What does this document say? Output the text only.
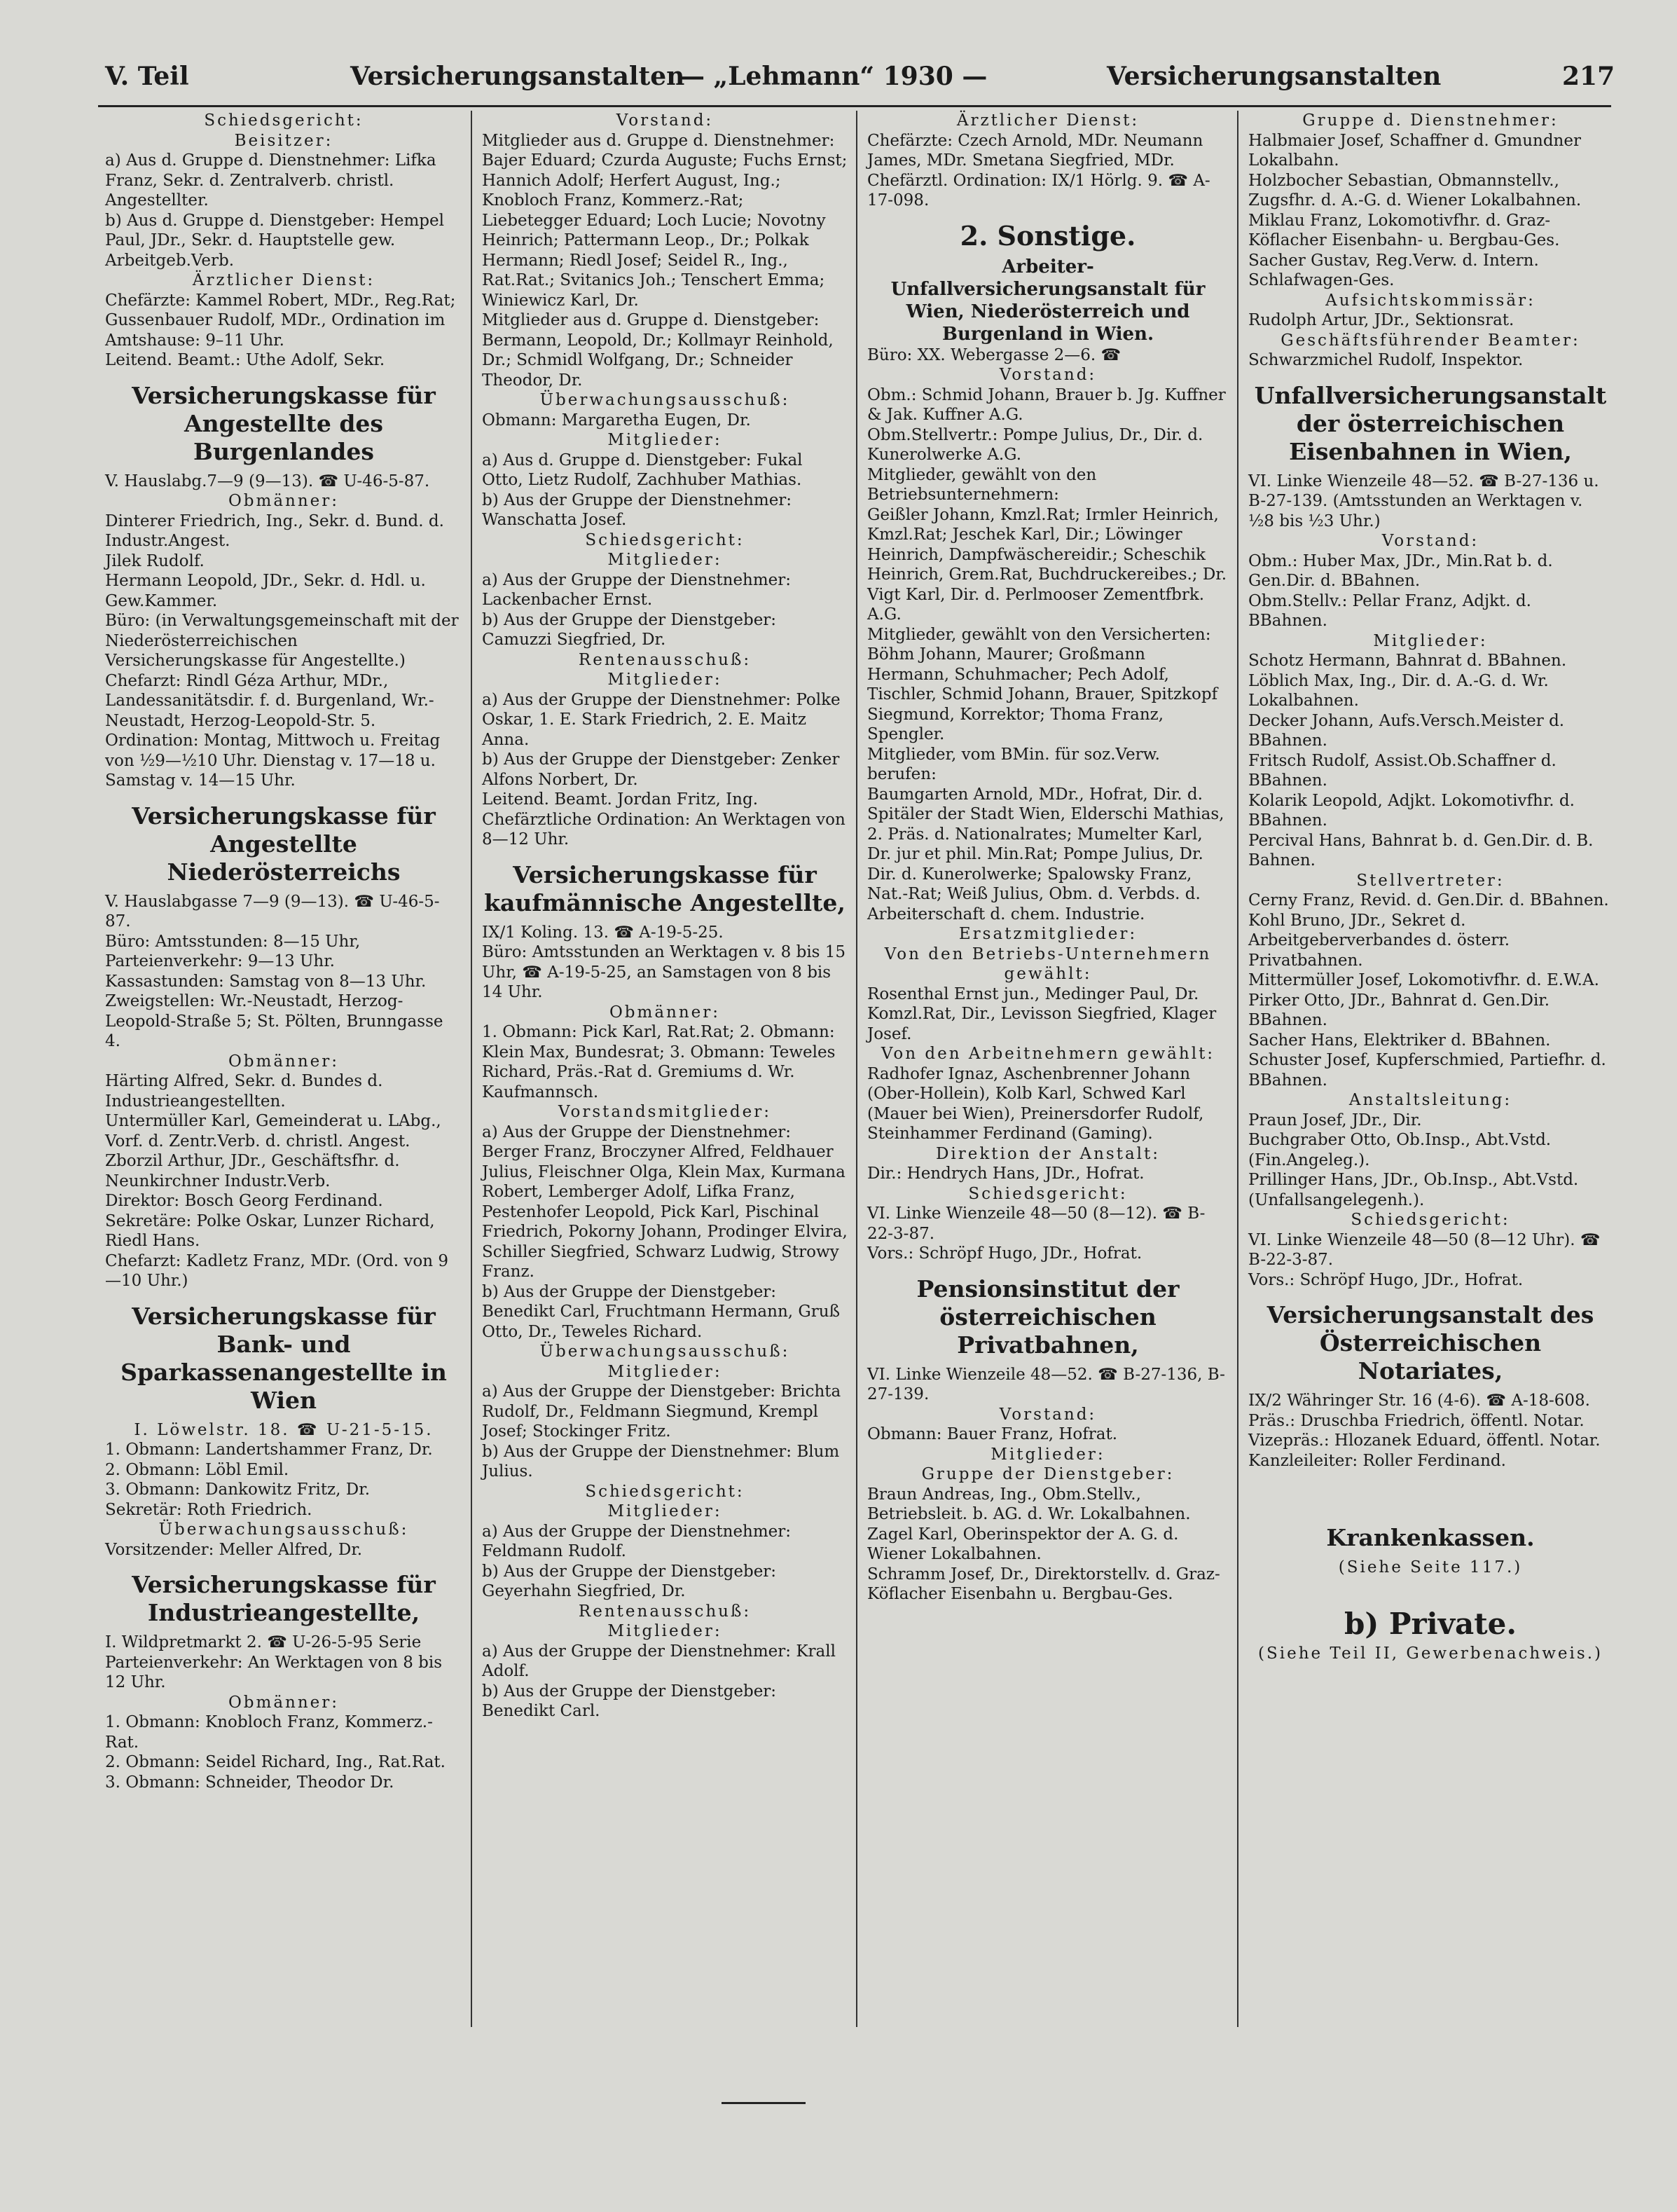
V. Teil	Versicherungsanstalten
— „Lehmann“ 1930 —	Versicherungsanstalten	217

Schiedsgericht:

Beisitzer:

a) Aus d. Gruppe d. Dienstnehmer: Lifka Franz, Sekr. d. Zentralverb. christl. Angestellter.

b) Aus d. Gruppe d. Dienstgeber: Hempel Paul, JDr., Sekr. d. Hauptstelle gew. Arbeitgeb.Verb.

Ärztlicher Dienst:

Chefärzte: Kammel Robert, MDr., Reg.Rat; Gussenbauer Rudolf, MDr., Ordination im Amtshause: 9–11 Uhr.

Leitend. Beamt.: Uthe Adolf, Sekr.

Versicherungskasse für Angestellte des Burgenlandes

V. Hauslabg.7—9 (9—13). ☎ U-46-5-87.

Obmänner:

Dinterer Friedrich, Ing., Sekr. d. Bund. d. Industr.Angest.

Jilek Rudolf.

Hermann Leopold, JDr., Sekr. d. Hdl. u. Gew.Kammer.

Büro: (in Verwaltungsgemeinschaft mit der Niederösterreichischen Versicherungskasse für Angestellte.)

Chefarzt: Rindl Géza Arthur, MDr., Landessanitätsdir. f. d. Burgenland, Wr.-Neustadt, Herzog-Leopold-Str. 5.

Ordination: Montag, Mittwoch u. Freitag von ½9—½10 Uhr. Dienstag v. 17—18 u. Samstag v. 14—15 Uhr.

Versicherungskasse für Angestellte Niederösterreichs

V. Hauslabgasse 7—9 (9—13). ☎ U-46-5-87.

Büro: Amtsstunden: 8—15 Uhr, Parteienverkehr: 9—13 Uhr.

Kassastunden: Samstag von 8—13 Uhr.

Zweigstellen: Wr.-Neustadt, Herzog-Leopold-Straße 5; St. Pölten, Brunngasse 4.

Obmänner:

Härting Alfred, Sekr. d. Bundes d. Industrieangestellten.

Untermüller Karl, Gemeinderat u. LAbg., Vorf. d. Zentr.Verb. d. christl. Angest.

Zborzil Arthur, JDr., Geschäftsfhr. d. Neunkirchner Industr.Verb.

Direktor: Bosch Georg Ferdinand.

Sekretäre: Polke Oskar, Lunzer Richard, Riedl Hans.

Chefarzt: Kadletz Franz, MDr. (Ord. von 9—10 Uhr.)

Versicherungskasse für Bank- und Sparkassenangestellte in Wien

I. Löwelstr. 18. ☎ U-21-5-15.

1. Obmann: Landertshammer Franz, Dr.

2. Obmann: Löbl Emil.

3. Obmann: Dankowitz Fritz, Dr.

Sekretär: Roth Friedrich.

Überwachungsausschuß:

Vorsitzender: Meller Alfred, Dr.

Versicherungskasse für Industrieangestellte,

I. Wildpretmarkt 2. ☎ U-26-5-95 Serie

Parteienverkehr: An Werktagen von 8 bis 12 Uhr.

Obmänner:

1. Obmann: Knobloch Franz, Kommerz.-Rat.

2. Obmann: Seidel Richard, Ing., Rat.Rat.

3. Obmann: Schneider, Theodor Dr.

Vorstand:

Mitglieder aus d. Gruppe d. Dienstnehmer: Bajer Eduard; Czurda Auguste; Fuchs Ernst; Hannich Adolf; Herfert August, Ing.; Knobloch Franz, Kommerz.-Rat; Liebetegger Eduard; Loch Lucie; Novotny Heinrich; Pattermann Leop., Dr.; Polkak Hermann; Riedl Josef; Seidel R., Ing., Rat.Rat.; Svitanics Joh.; Tenschert Emma; Winiewicz Karl, Dr.

Mitglieder aus d. Gruppe d. Dienstgeber: Bermann, Leopold, Dr.; Kollmayr Reinhold, Dr.; Schmidl Wolfgang, Dr.; Schneider Theodor, Dr.

Überwachungsausschuß:

Obmann: Margaretha Eugen, Dr.

Mitglieder:

a) Aus d. Gruppe d. Dienstgeber: Fukal Otto, Lietz Rudolf, Zachhuber Mathias.

b) Aus der Gruppe der Dienstnehmer: Wanschatta Josef.

Schiedsgericht:

Mitglieder:

a) Aus der Gruppe der Dienstnehmer: Lackenbacher Ernst.

b) Aus der Gruppe der Dienstgeber: Camuzzi Siegfried, Dr.

Rentenausschuß:

Mitglieder:

a) Aus der Gruppe der Dienstnehmer: Polke Oskar, 1. E. Stark Friedrich, 2. E. Maitz Anna.

b) Aus der Gruppe der Dienstgeber: Zenker Alfons Norbert, Dr.

Leitend. Beamt. Jordan Fritz, Ing.

Chefärztliche Ordination: An Werktagen von 8—12 Uhr.

Versicherungskasse für kaufmännische Angestellte,

IX/1 Koling. 13. ☎ A-19-5-25.

Büro: Amtsstunden an Werktagen v. 8 bis 15 Uhr, ☎ A-19-5-25, an Samstagen von 8 bis 14 Uhr.

Obmänner:

1. Obmann: Pick Karl, Rat.Rat; 2. Obmann: Klein Max, Bundesrat; 3. Obmann: Teweles Richard, Präs.-Rat d. Gremiums d. Wr. Kaufmannsch.

Vorstandsmitglieder:

a) Aus der Gruppe der Dienstnehmer: Berger Franz, Broczyner Alfred, Feldhauer Julius, Fleischner Olga, Klein Max, Kurmana Robert, Lemberger Adolf, Lifka Franz, Pestenhofer Leopold, Pick Karl, Pischinal Friedrich, Pokorny Johann, Prodinger Elvira, Schiller Siegfried, Schwarz Ludwig, Strowy Franz.

b) Aus der Gruppe der Dienstgeber: Benedikt Carl, Fruchtmann Hermann, Gruß Otto, Dr., Teweles Richard.

Überwachungsausschuß:

Mitglieder:

a) Aus der Gruppe der Dienstgeber: Brichta Rudolf, Dr., Feldmann Siegmund, Krempl Josef; Stockinger Fritz.

b) Aus der Gruppe der Dienstnehmer: Blum Julius.

Schiedsgericht:

Mitglieder:

a) Aus der Gruppe der Dienstnehmer: Feldmann Rudolf.

b) Aus der Gruppe der Dienstgeber: Geyerhahn Siegfried, Dr.

Rentenausschuß:

Mitglieder:

a) Aus der Gruppe der Dienstnehmer: Krall Adolf.

b) Aus der Gruppe der Dienstgeber: Benedikt Carl.

Ärztlicher Dienst:

Chefärzte: Czech Arnold, MDr. Neumann James, MDr. Smetana Siegfried, MDr.

Chefärztl. Ordination: IX/1 Hörlg. 9. ☎ A-17-098.

2. Sonstige.

Arbeiter-Unfallversicherungsanstalt für Wien, Niederösterreich und Burgenland in Wien.

Büro: XX. Webergasse 2—6. ☎

Vorstand:

Obm.: Schmid Johann, Brauer b. Jg. Kuffner & Jak. Kuffner A.G.

Obm.Stellvertr.: Pompe Julius, Dr., Dir. d. Kunerolwerke A.G.

Mitglieder, gewählt von den Betriebsunternehmern:

Geißler Johann, Kmzl.Rat; Irmler Heinrich, Kmzl.Rat; Jeschek Karl, Dir.; Löwinger Heinrich, Dampfwäschereidir.; Scheschik Heinrich, Grem.Rat, Buchdruckereibes.; Dr. Vigt Karl, Dir. d. Perlmooser Zementfbrk. A.G.

Mitglieder, gewählt von den Versicherten:

Böhm Johann, Maurer; Großmann Hermann, Schuhmacher; Pech Adolf, Tischler, Schmid Johann, Brauer, Spitzkopf Siegmund, Korrektor; Thoma Franz, Spengler.

Mitglieder, vom BMin. für soz.Verw. berufen:

Baumgarten Arnold, MDr., Hofrat, Dir. d. Spitäler der Stadt Wien, Elderschi Mathias, 2. Präs. d. Nationalrates; Mumelter Karl, Dr. jur et phil. Min.Rat; Pompe Julius, Dr. Dir. d. Kunerolwerke; Spalowsky Franz, Nat.-Rat; Weiß Julius, Obm. d. Verbds. d. Arbeiterschaft d. chem. Industrie.

Ersatzmitglieder:

Von den Betriebs-Unternehmern gewählt:

Rosenthal Ernst jun., Medinger Paul, Dr. Komzl.Rat, Dir., Levisson Siegfried, Klager Josef.

Von den Arbeitnehmern gewählt:

Radhofer Ignaz, Aschenbrenner Johann (Ober-Hollein), Kolb Karl, Schwed Karl (Mauer bei Wien), Preinersdorfer Rudolf, Steinhammer Ferdinand (Gaming).

Direktion der Anstalt:

Dir.: Hendrych Hans, JDr., Hofrat.

Schiedsgericht:

VI. Linke Wienzeile 48—50 (8—12). ☎ B-22-3-87.

Vors.: Schröpf Hugo, JDr., Hofrat.

Pensionsinstitut der österreichischen Privatbahnen,

VI. Linke Wienzeile 48—52. ☎ B-27-136, B-27-139.

Vorstand:

Obmann: Bauer Franz, Hofrat.

Mitglieder:

Gruppe der Dienstgeber:

Braun Andreas, Ing., Obm.Stellv., Betriebsleit. b. AG. d. Wr. Lokalbahnen.

Zagel Karl, Oberinspektor der A. G. d. Wiener Lokalbahnen.

Schramm Josef, Dr., Direktorstellv. d. Graz-Köflacher Eisenbahn u. Bergbau-Ges.

Gruppe d. Dienstnehmer:

Halbmaier Josef, Schaffner d. Gmundner Lokalbahn.

Holzbocher Sebastian, Obmannstellv., Zugsfhr. d. A.-G. d. Wiener Lokalbahnen.

Miklau Franz, Lokomotivfhr. d. Graz-Köflacher Eisenbahn- u. Bergbau-Ges.

Sacher Gustav, Reg.Verw. d. Intern. Schlafwagen-Ges.

Aufsichtskommissär:

Rudolph Artur, JDr., Sektionsrat.

Geschäftsführender Beamter:

Schwarzmichel Rudolf, Inspektor.

Unfallversicherungsanstalt der österreichischen Eisenbahnen in Wien,

VI. Linke Wienzeile 48—52. ☎ B-27-136 u. B-27-139. (Amtsstunden an Werktagen v. ½8 bis ½3 Uhr.)

Vorstand:

Obm.: Huber Max, JDr., Min.Rat b. d. Gen.Dir. d. BBahnen.

Obm.Stellv.: Pellar Franz, Adjkt. d. BBahnen.

Mitglieder:

Schotz Hermann, Bahnrat d. BBahnen.

Löblich Max, Ing., Dir. d. A.-G. d. Wr. Lokalbahnen.

Decker Johann, Aufs.Versch.Meister d. BBahnen.

Fritsch Rudolf, Assist.Ob.Schaffner d. BBahnen.

Kolarik Leopold, Adjkt. Lokomotivfhr. d. BBahnen.

Percival Hans, Bahnrat b. d. Gen.Dir. d. B. Bahnen.

Stellvertreter:

Cerny Franz, Revid. d. Gen.Dir. d. BBahnen.

Kohl Bruno, JDr., Sekret d. Arbeitgeberverbandes d. österr. Privatbahnen.

Mittermüller Josef, Lokomotivfhr. d. E.W.A.

Pirker Otto, JDr., Bahnrat d. Gen.Dir. BBahnen.

Sacher Hans, Elektriker d. BBahnen.

Schuster Josef, Kupferschmied, Partiefhr. d. BBahnen.

Anstaltsleitung:

Praun Josef, JDr., Dir.

Buchgraber Otto, Ob.Insp., Abt.Vstd. (Fin.Angeleg.).

Prillinger Hans, JDr., Ob.Insp., Abt.Vstd. (Unfallsangelegenh.).

Schiedsgericht:

VI. Linke Wienzeile 48—50 (8—12 Uhr). ☎ B-22-3-87.

Vors.: Schröpf Hugo, JDr., Hofrat.

Versicherungsanstalt des Österreichischen Notariates,

IX/2 Währinger Str. 16 (4-6). ☎ A-18-608.

Präs.: Druschba Friedrich, öffentl. Notar.

Vizepräs.: Hlozanek Eduard, öffentl. Notar.

Kanzleileiter: Roller Ferdinand.

Krankenkassen.

(Siehe Seite 117.)

b) Private.

(Siehe Teil II, Gewerbenachweis.)
